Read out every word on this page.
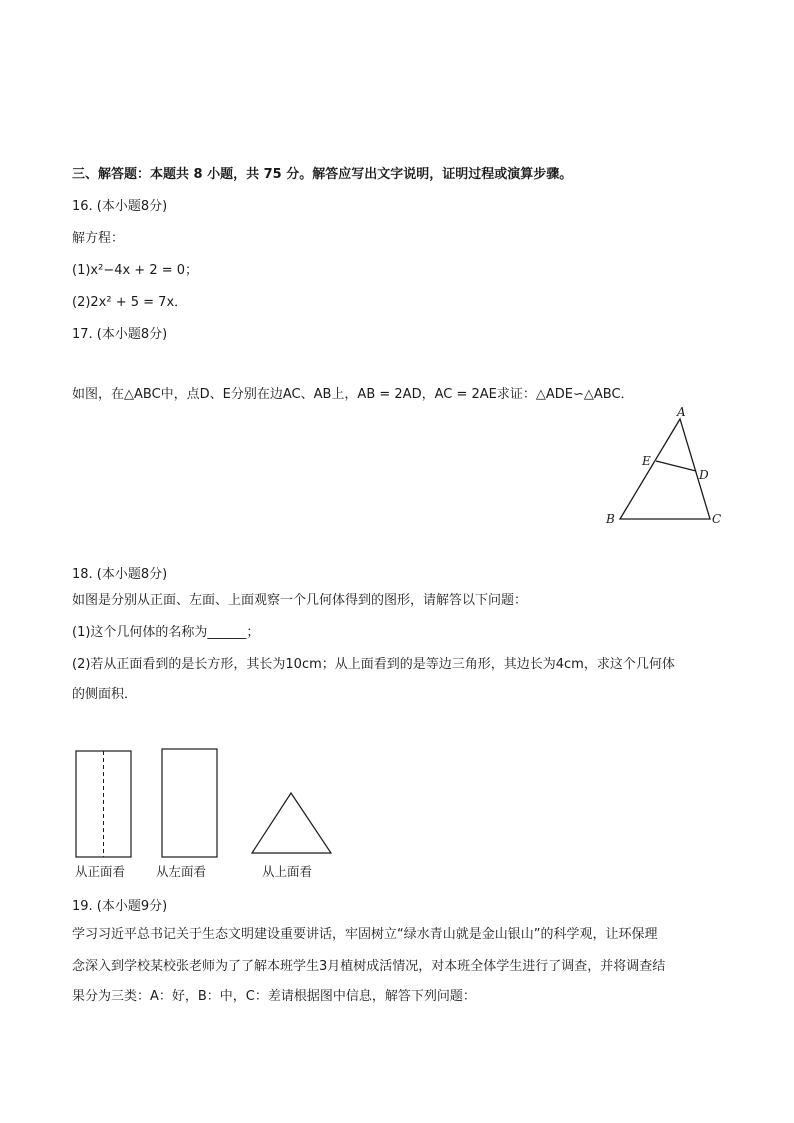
三、解答题：本题共 8 小题，共 75 分。解答应写出文字说明，证明过程或演算步骤。
16. (本小题8分)
解方程：
(1)x²−4x + 2 = 0；
(2)2x² + 5 = 7x．
17. (本小题8分)
如图，在△ABC中，点D、E分别在边AC、AB上，AB = 2AD，AC = 2AE求证：△ADE∽△ABC．
A
B	C
D
E
18. (本小题8分)
如图是分别从正面、左面、上面观察一个几何体得到的图形，请解答以下问题：
(1)这个几何体的名称为______；
(2)若从正面看到的是长方形，其长为10cm；从上面看到的是等边三角形，其边长为4cm，求这个几何体
的侧面积．
从正面看 从左面看	从上面看
19. (本小题9分)
学习习近平总书记关于生态文明建设重要讲话，牢固树立“绿水青山就是金山银山”的科学观，让环保理
念深入到学校某校张老师为了了解本班学生3月植树成活情况，对本班全体学生进行了调查，并将调查结
果分为三类：A：好，B：中，C：差请根据图中信息，解答下列问题：
